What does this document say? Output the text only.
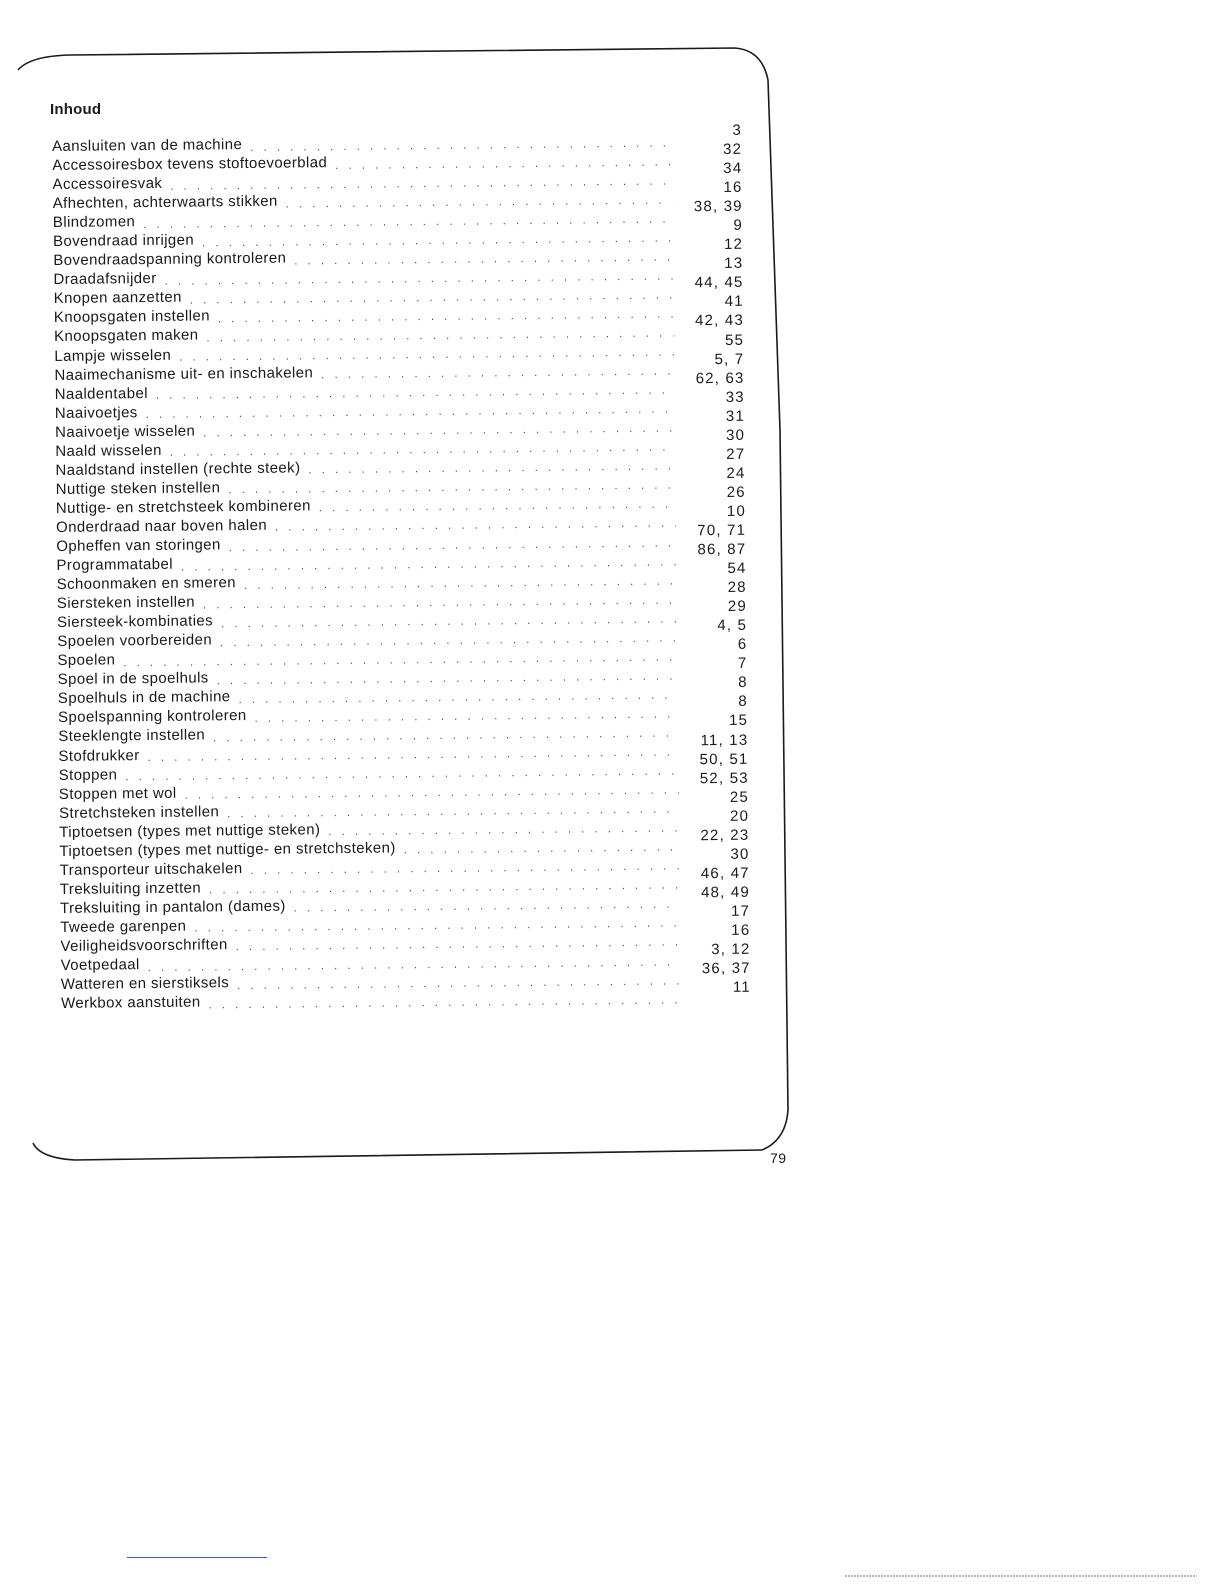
Inhoud
Aansluiten van de machine
. . .
3
Accessoiresbox tevens stoftoevoerblad
. . .
32
Accessoiresvak
. . .
34
Afhechten, achterwaarts stikken
. . .
16
Blindzomen
. . .
38, 39
Bovendraad inrijgen
. . .
9
Bovendraadspanning kontroleren
. . .
12
Draadafsnijder
. . .
13
Knopen aanzetten
. . .
44, 45
Knoopsgaten instellen
. . .
41
Knoopsgaten maken
. . .
42, 43
Lampje wisselen
. . .
55
Naaimechanisme uit- en inschakelen
. . .
5, 7
Naaldentabel
. . .
62, 63
Naaivoetjes
. . .
33
Naaivoetje wisselen
. . .
31
Naald wisselen
. . .
30
Naaldstand instellen (rechte steek)
. . .
27
Nuttige steken instellen
. . .
24
Nuttige- en stretchsteek kombineren
. . .
26
Onderdraad naar boven halen
. . .
10
Opheffen van storingen
. . .
70, 71
Programmatabel
. . .
86, 87
Schoonmaken en smeren
. . .
54
Siersteken instellen
. . .
28
Siersteek-kombinaties
. . .
29
Spoelen voorbereiden
. . .
4, 5
Spoelen
. . .
6
Spoel in de spoelhuls
. . .
7
Spoelhuls in de machine
. . .
8
Spoelspanning kontroleren
. . .
8
Steeklengte instellen
. . .
15
Stofdrukker
. . .
11, 13
Stoppen
. . .
50, 51
Stoppen met wol
. . .
52, 53
Stretchsteken instellen
. . .
25
Tiptoetsen (types met nuttige steken)
. . .
20
Tiptoetsen (types met nuttige- en stretchsteken)
. . .
22, 23
Transporteur uitschakelen
. . .
30
Treksluiting inzetten
. . .
46, 47
Treksluiting in pantalon (dames)
. . .
48, 49
Tweede garenpen
. . .
17
Veiligheidsvoorschriften
. . .
16
Voetpedaal
. . .
3, 12
Watteren en sierstiksels
. . .
36, 37
Werkbox aanstuiten
. . .
11
79
